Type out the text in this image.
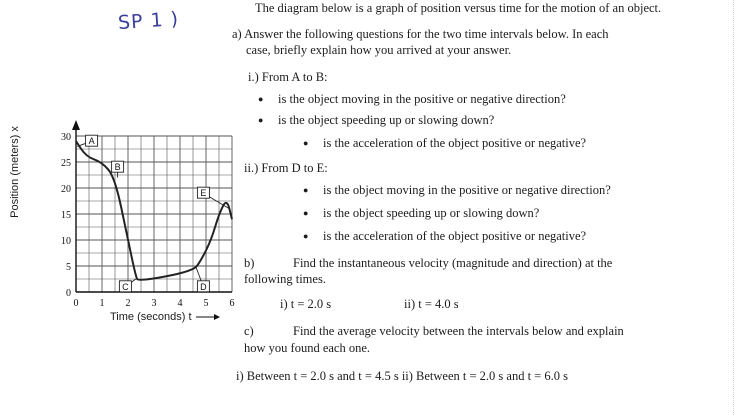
SP 1 )
Position (meters) x
Time (seconds) t
0
5
10
15
20
25
30
0 1 2 3 4 5 6
A
B
C	D
E
The diagram below is a graph of position versus time for the motion of an object.
a) Answer the following questions for the two time intervals below. In each
case, briefly explain how you arrived at your answer.
i.) From A to B:
● is the object moving in the positive or negative direction?
● is the object speeding up or slowing down?
● is the acceleration of the object positive or negative?
ii.) From D to E:
● is the object moving in the positive or negative direction?
● is the object speeding up or slowing down?
● is the acceleration of the object positive or negative?
b)	Find the instantaneous velocity (magnitude and direction) at the
following times.
i) t = 2.0 s	ii) t = 4.0 s
c)	Find the average velocity between the intervals below and explain
how you found each one.
i) Between t = 2.0 s and t = 4.5 s ii) Between t = 2.0 s and t = 6.0 s
